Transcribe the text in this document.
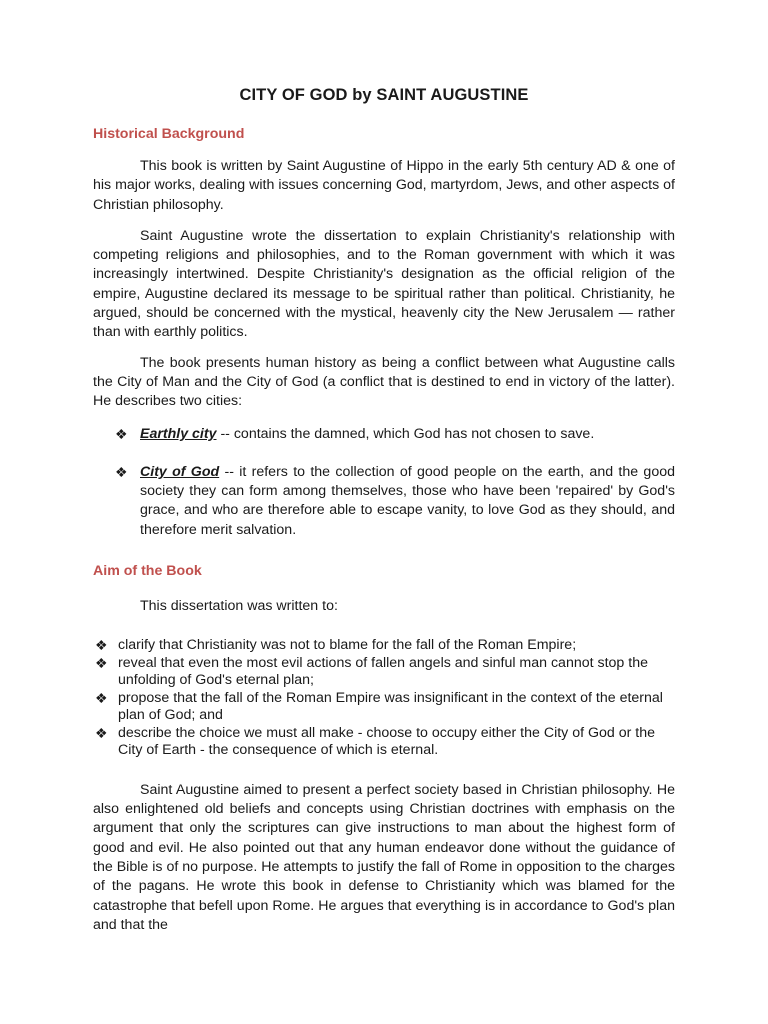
CITY OF GOD by SAINT AUGUSTINE
Historical Background

This book is written by Saint Augustine of Hippo in the early 5th century AD & one of his major works, dealing with issues concerning God, martyrdom, Jews, and other aspects of Christian philosophy.

Saint Augustine wrote the dissertation to explain Christianity's relationship with competing religions and philosophies, and to the Roman government with which it was increasingly intertwined. Despite Christianity's designation as the official religion of the empire, Augustine declared its message to be spiritual rather than political. Christianity, he argued, should be concerned with the mystical, heavenly city the New Jerusalem — rather than with earthly politics.

The book presents human history as being a conflict between what Augustine calls the City of Man and the City of God (a conflict that is destined to end in victory of the latter). He describes two cities:

❖ Earthly city -- contains the damned, which God has not chosen to save.
❖ City of God -- it refers to the collection of good people on the earth, and the good society they can form among themselves, those who have been 'repaired' by God's grace, and who are therefore able to escape vanity, to love God as they should, and therefore merit salvation.
Aim of the Book

This dissertation was written to:

❖ clarify that Christianity was not to blame for the fall of the Roman Empire;
❖ reveal that even the most evil actions of fallen angels and sinful man cannot stop the unfolding of God's eternal plan;
❖ propose that the fall of the Roman Empire was insignificant in the context of the eternal plan of God; and
❖ describe the choice we must all make - choose to occupy either the City of God or the City of Earth - the consequence of which is eternal.

Saint Augustine aimed to present a perfect society based in Christian philosophy. He also enlightened old beliefs and concepts using Christian doctrines with emphasis on the argument that only the scriptures can give instructions to man about the highest form of good and evil. He also pointed out that any human endeavor done without the guidance of the Bible is of no purpose. He attempts to justify the fall of Rome in opposition to the charges of the pagans. He wrote this book in defense to Christianity which was blamed for the catastrophe that befell upon Rome. He argues that everything is in accordance to God's plan and that the
